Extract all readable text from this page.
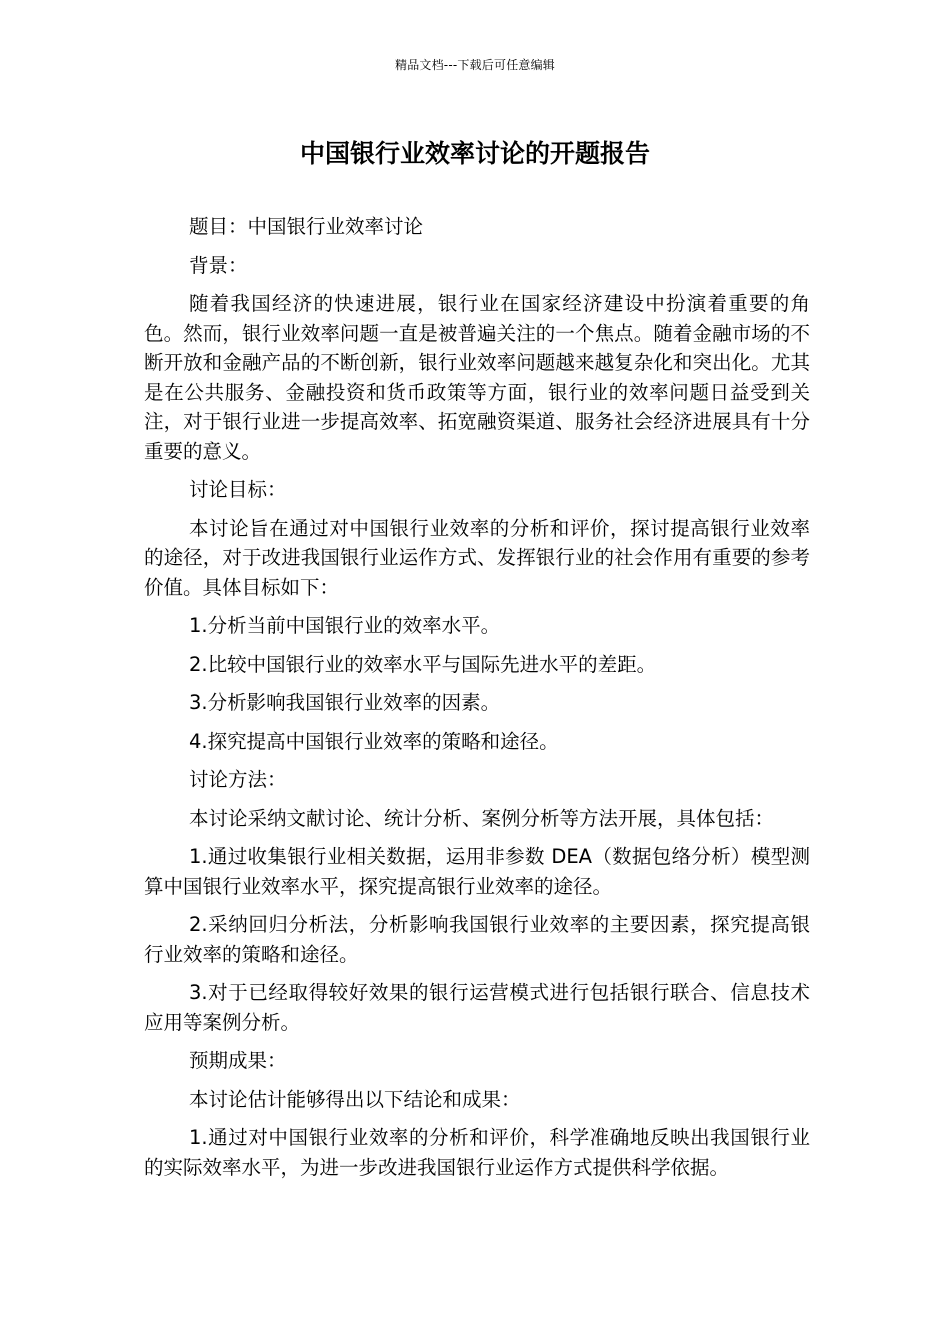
精品文档---下载后可任意编辑
中国银行业效率讨论的开题报告

题目：中国银行业效率讨论

背景：

随着我国经济的快速进展，银行业在国家经济建设中扮演着重要的角色。然而，银行业效率问题一直是被普遍关注的一个焦点。随着金融市场的不断开放和金融产品的不断创新，银行业效率问题越来越复杂化和突出化。尤其是在公共服务、金融投资和货币政策等方面，银行业的效率问题日益受到关注，对于银行业进一步提高效率、拓宽融资渠道、服务社会经济进展具有十分重要的意义。

讨论目标：

本讨论旨在通过对中国银行业效率的分析和评价，探讨提高银行业效率的途径，对于改进我国银行业运作方式、发挥银行业的社会作用有重要的参考价值。具体目标如下：

1.分析当前中国银行业的效率水平。

2.比较中国银行业的效率水平与国际先进水平的差距。

3.分析影响我国银行业效率的因素。

4.探究提高中国银行业效率的策略和途径。

讨论方法：

本讨论采纳文献讨论、统计分析、案例分析等方法开展，具体包括：

1.通过收集银行业相关数据，运用非参数 DEA（数据包络分析）模型测算中国银行业效率水平，探究提高银行业效率的途径。

2.采纳回归分析法，分析影响我国银行业效率的主要因素，探究提高银行业效率的策略和途径。

3.对于已经取得较好效果的银行运营模式进行包括银行联合、信息技术应用等案例分析。

预期成果：

本讨论估计能够得出以下结论和成果：

1.通过对中国银行业效率的分析和评价，科学准确地反映出我国银行业的实际效率水平，为进一步改进我国银行业运作方式提供科学依据。
